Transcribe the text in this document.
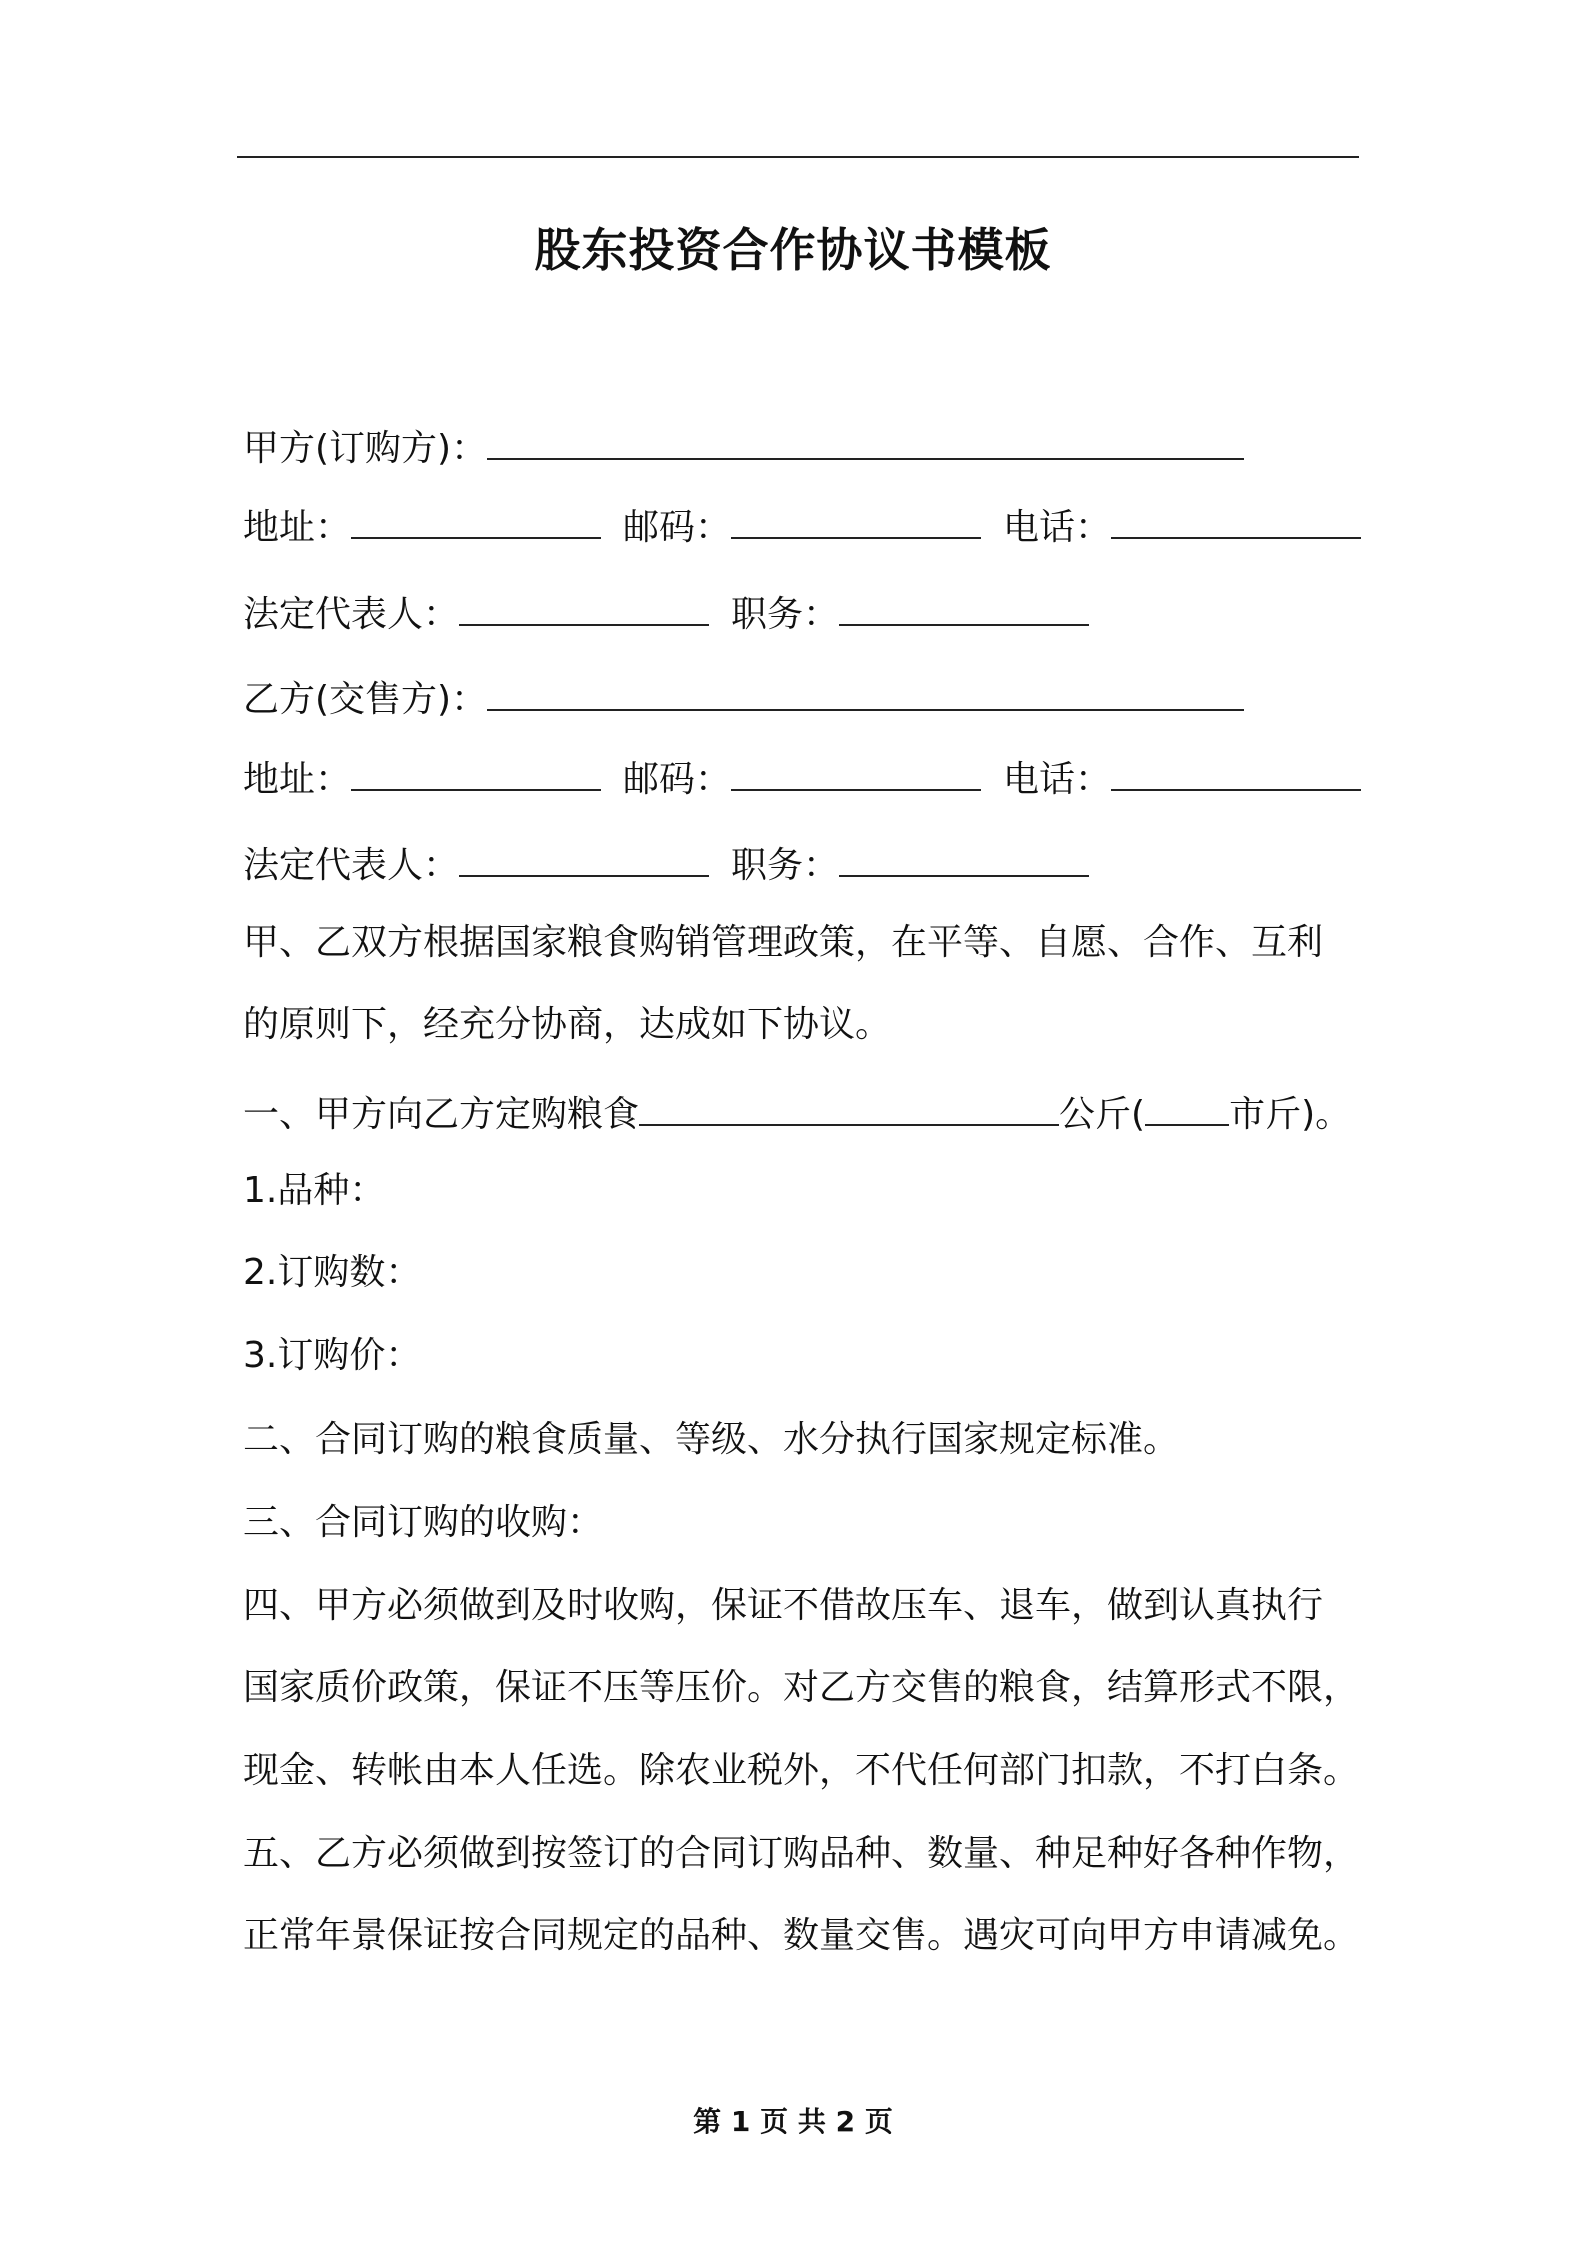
股东投资合作协议书模板
甲方(订购方)：
地址：	邮码：	电话：
法定代表人：	职务：
乙方(交售方)：
地址：	邮码：	电话：
法定代表人：	职务：
甲、乙双方根据国家粮食购销管理政策，在平等、自愿、合作、互利
的原则下，经充分协商，达成如下协议。
一、甲方向乙方定购粮食	公斤( 市斤)。
1.品种：
2.订购数：
3.订购价：
二、合同订购的粮食质量、等级、水分执行国家规定标准。
三、合同订购的收购：
四、甲方必须做到及时收购，保证不借故压车、退车，做到认真执行
国家质价政策，保证不压等压价。对乙方交售的粮食，结算形式不限，
现金、转帐由本人任选。除农业税外，不代任何部门扣款，不打白条。
五、乙方必须做到按签订的合同订购品种、数量、种足种好各种作物，
正常年景保证按合同规定的品种、数量交售。遇灾可向甲方申请减免。
第 1 页 共 2 页
